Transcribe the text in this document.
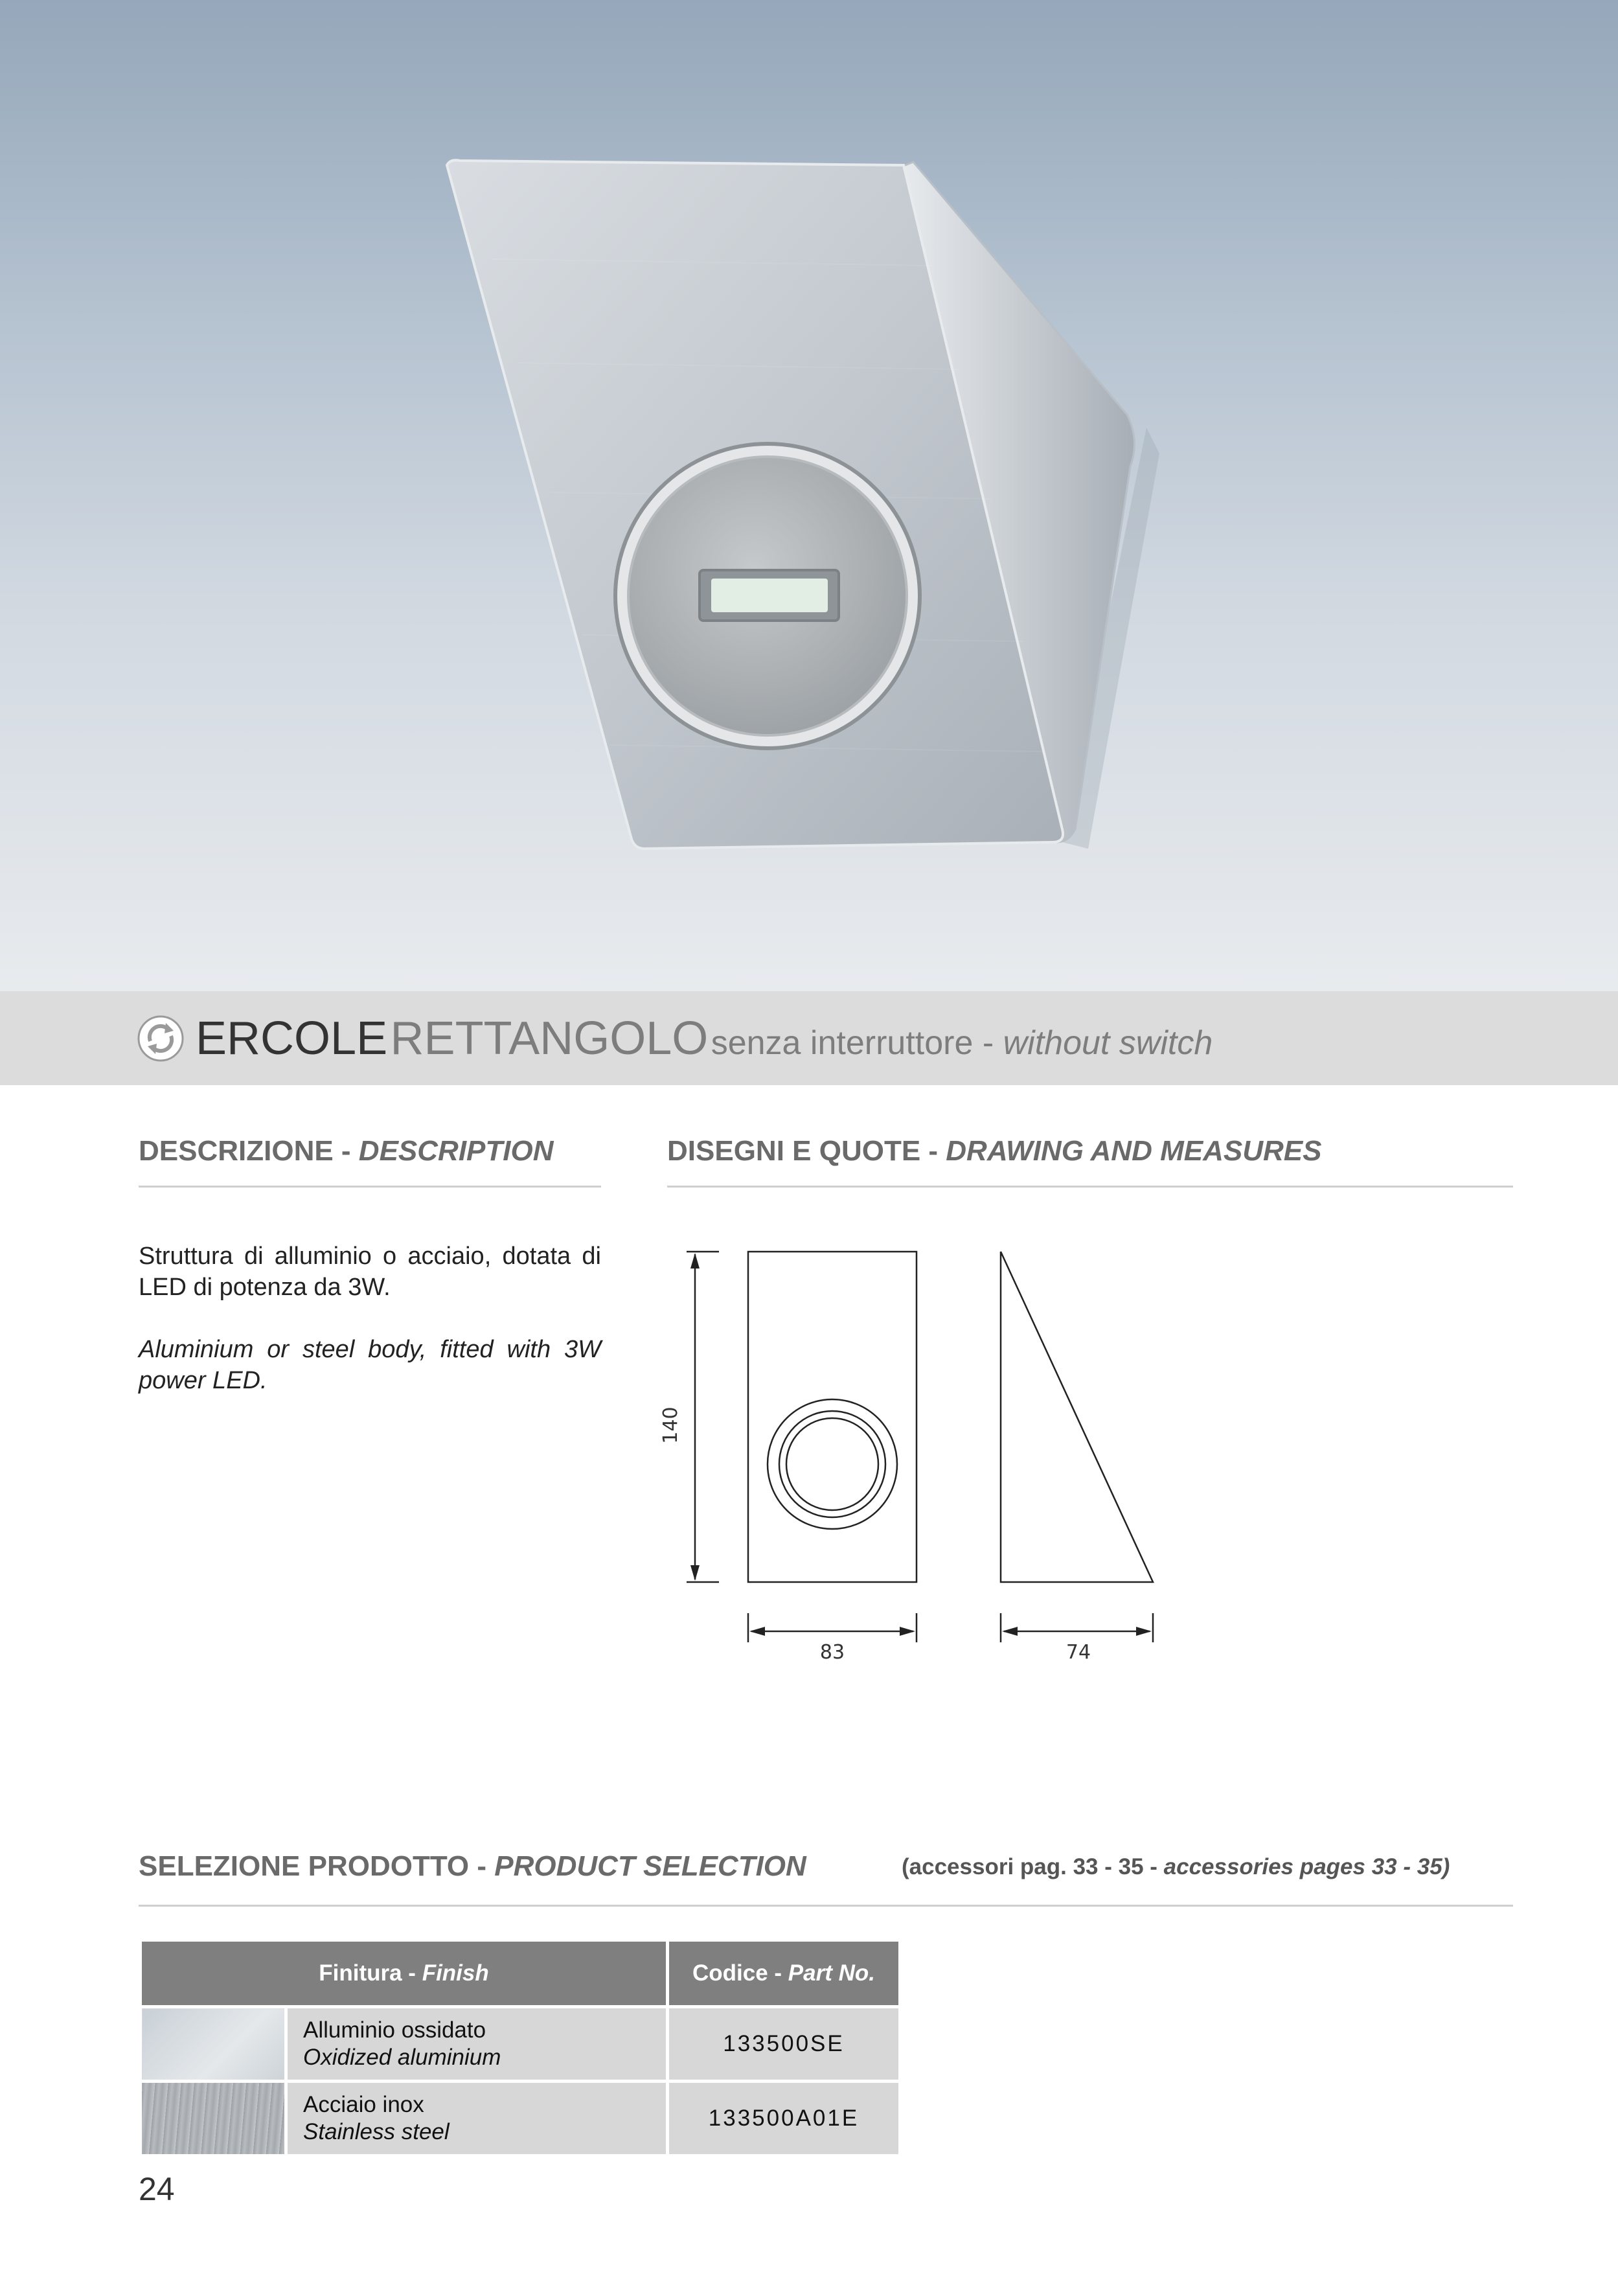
ERCOLE RETTANGOLO senza interruttore - without switch
DESCRIZIONE - DESCRIPTION
Struttura di alluminio o acciaio, dotata di LED di potenza da 3W.
Aluminium or steel body, fitted with 3W power LED.
DISEGNI E QUOTE - DRAWING AND MEASURES
140
83	74
SELEZIONE PRODOTTO - PRODUCT SELECTION	(accessori pag. 33 - 35 - accessories pages 33 - 35)
Finitura - Finish		Codice - Part No.

	Alluminio ossidato
Oxidized aluminium	133500SE

	Acciaio inox
Stainless steel	133500A01E
24
